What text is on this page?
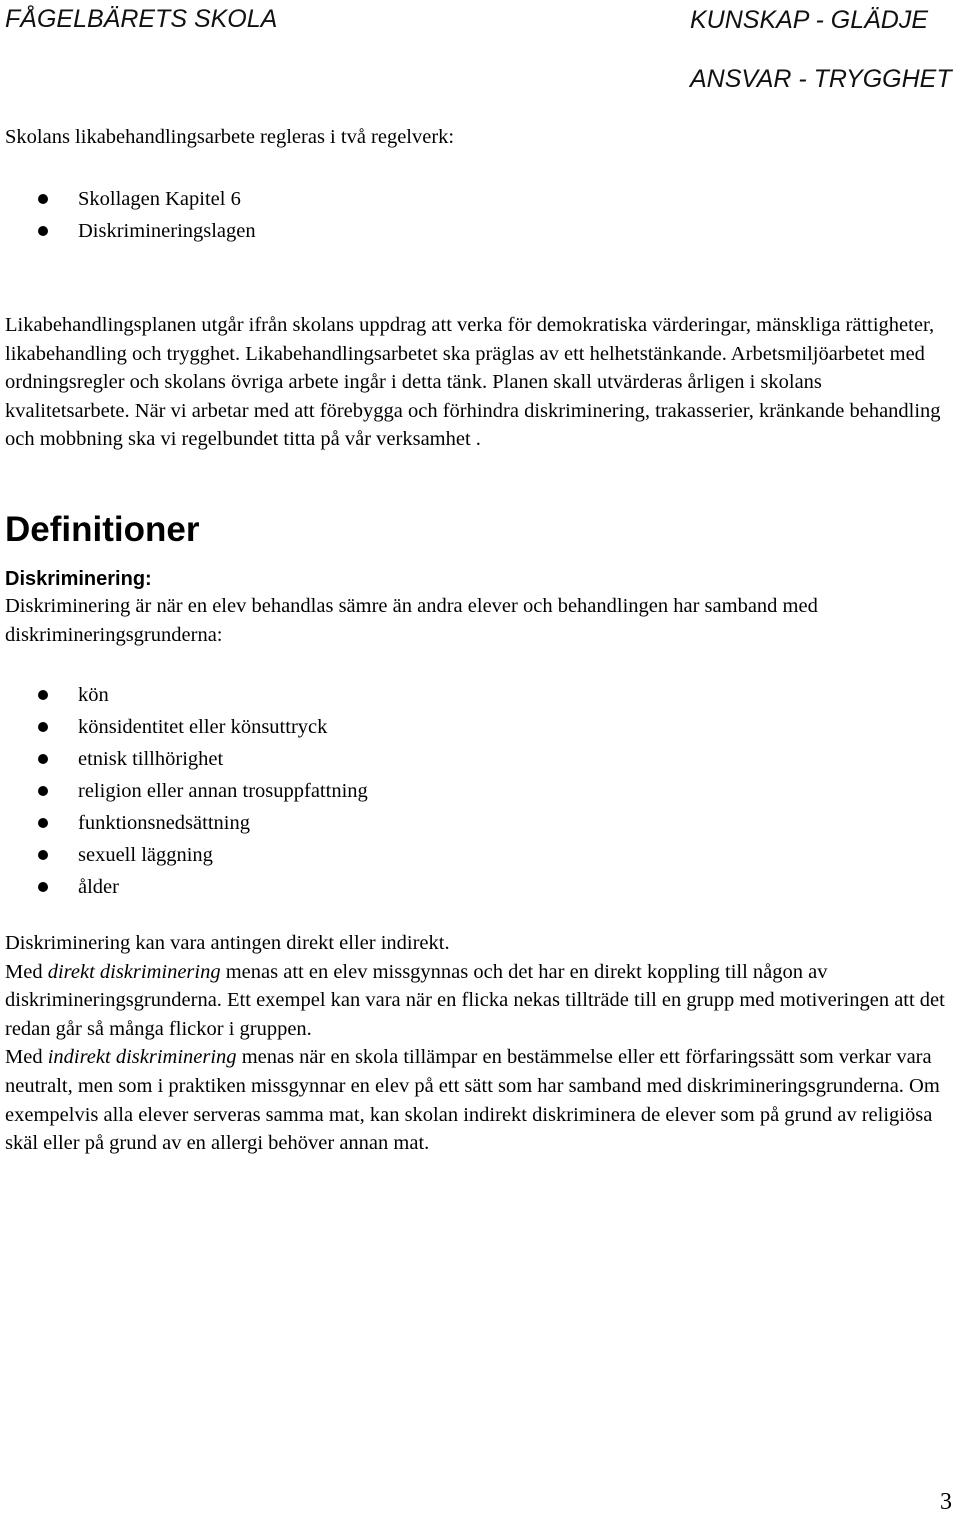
FÅGELBÄRETS SKOLA	KUNSKAP - GLÄDJE
ANSVAR - TRYGGHET

Skolans likabehandlingsarbete regleras i två regelverk:

Skollagen Kapitel 6
Diskrimineringslagen

Likabehandlingsplanen utgår ifrån skolans uppdrag att verka för demokratiska värderingar, mänskliga rättigheter, likabehandling och trygghet. Likabehandlingsarbetet ska präglas av ett helhetstänkande. Arbetsmiljöarbetet med ordningsregler och skolans övriga arbete ingår i detta tänk. Planen skall utvärderas årligen i skolans kvalitetsarbete. När vi arbetar med att förebygga och förhindra diskriminering, trakasserier, kränkande behandling och mobbning ska vi regelbundet titta på vår verksamhet .

Definitioner
Diskriminering:

Diskriminering är när en elev behandlas sämre än andra elever och behandlingen har samband med diskrimineringsgrunderna:

kön
könsidentitet eller könsuttryck
etnisk tillhörighet
religion eller annan trosuppfattning
funktionsnedsättning
sexuell läggning
ålder

Diskriminering kan vara antingen direkt eller indirekt.

Med direkt diskriminering menas att en elev missgynnas och det har en direkt koppling till någon av diskrimineringsgrunderna. Ett exempel kan vara när en flicka nekas tillträde till en grupp med motiveringen att det redan går så många flickor i gruppen.

Med indirekt diskriminering menas när en skola tillämpar en bestämmelse eller ett förfaringssätt som verkar vara neutralt, men som i praktiken missgynnar en elev på ett sätt som har samband med diskrimineringsgrunderna. Om exempelvis alla elever serveras samma mat, kan skolan indirekt diskriminera de elever som på grund av religiösa skäl eller på grund av en allergi behöver annan mat.

3
